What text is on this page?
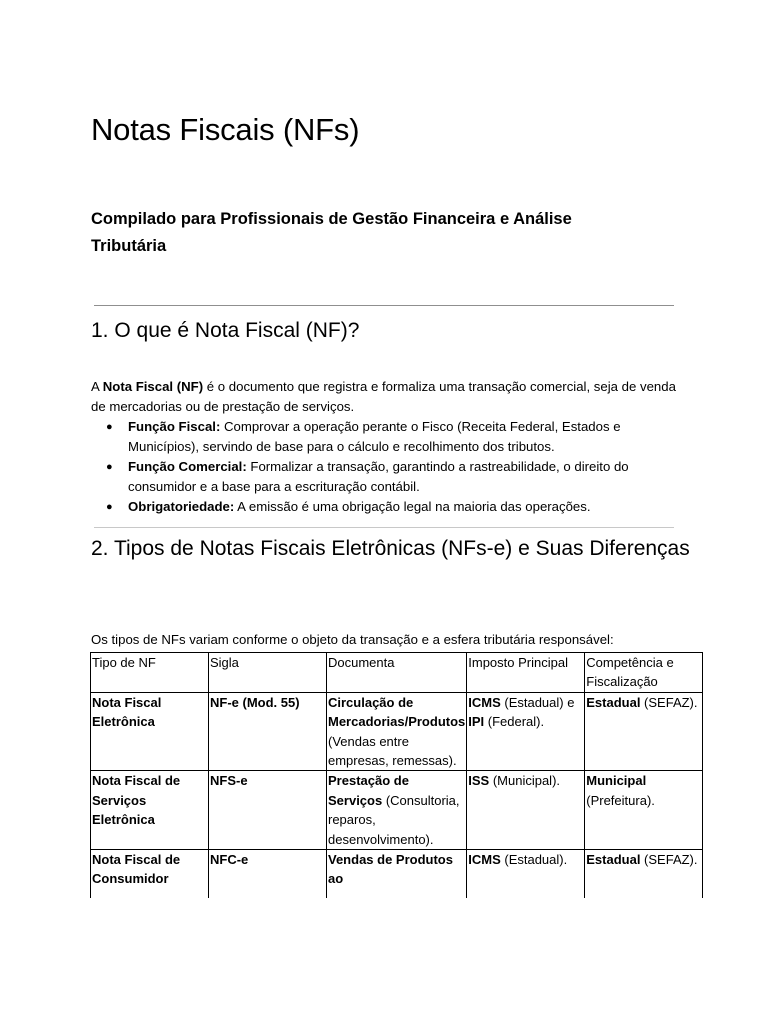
Notas Fiscais (NFs)

Compilado para Profissionais de Gestão Financeira e Análise Tributária

1. O que é Nota Fiscal (NF)?

A Nota Fiscal (NF) é o documento que registra e formaliza uma transação comercial, seja de venda de mercadorias ou de prestação de serviços.

● Função Fiscal: Comprovar a operação perante o Fisco (Receita Federal, Estados e Municípios), servindo de base para o cálculo e recolhimento dos tributos.
● Função Comercial: Formalizar a transação, garantindo a rastreabilidade, o direito do consumidor e a base para a escrituração contábil.
● Obrigatoriedade: A emissão é uma obrigação legal na maioria das operações.
2. Tipos de Notas Fiscais Eletrônicas (NFs-e) e Suas Diferenças

Os tipos de NFs variam conforme o objeto da transação e a esfera tributária responsável:

Tipo de NF	Sigla	Documenta	Imposto Principal	Competência e Fiscalização
Nota Fiscal Eletrônica	NF-e (Mod. 55)	Circulação de Mercadorias/Produtos (Vendas entre empresas, remessas).	ICMS (Estadual) e IPI (Federal).	Estadual (SEFAZ).
Nota Fiscal de Serviços Eletrônica	NFS-e	Prestação de Serviços (Consultoria, reparos, desenvolvimento).	ISS (Municipal).	Municipal (Prefeitura).
Nota Fiscal de Consumidor	NFC-e	Vendas de Produtos ao	ICMS (Estadual).	Estadual (SEFAZ).
